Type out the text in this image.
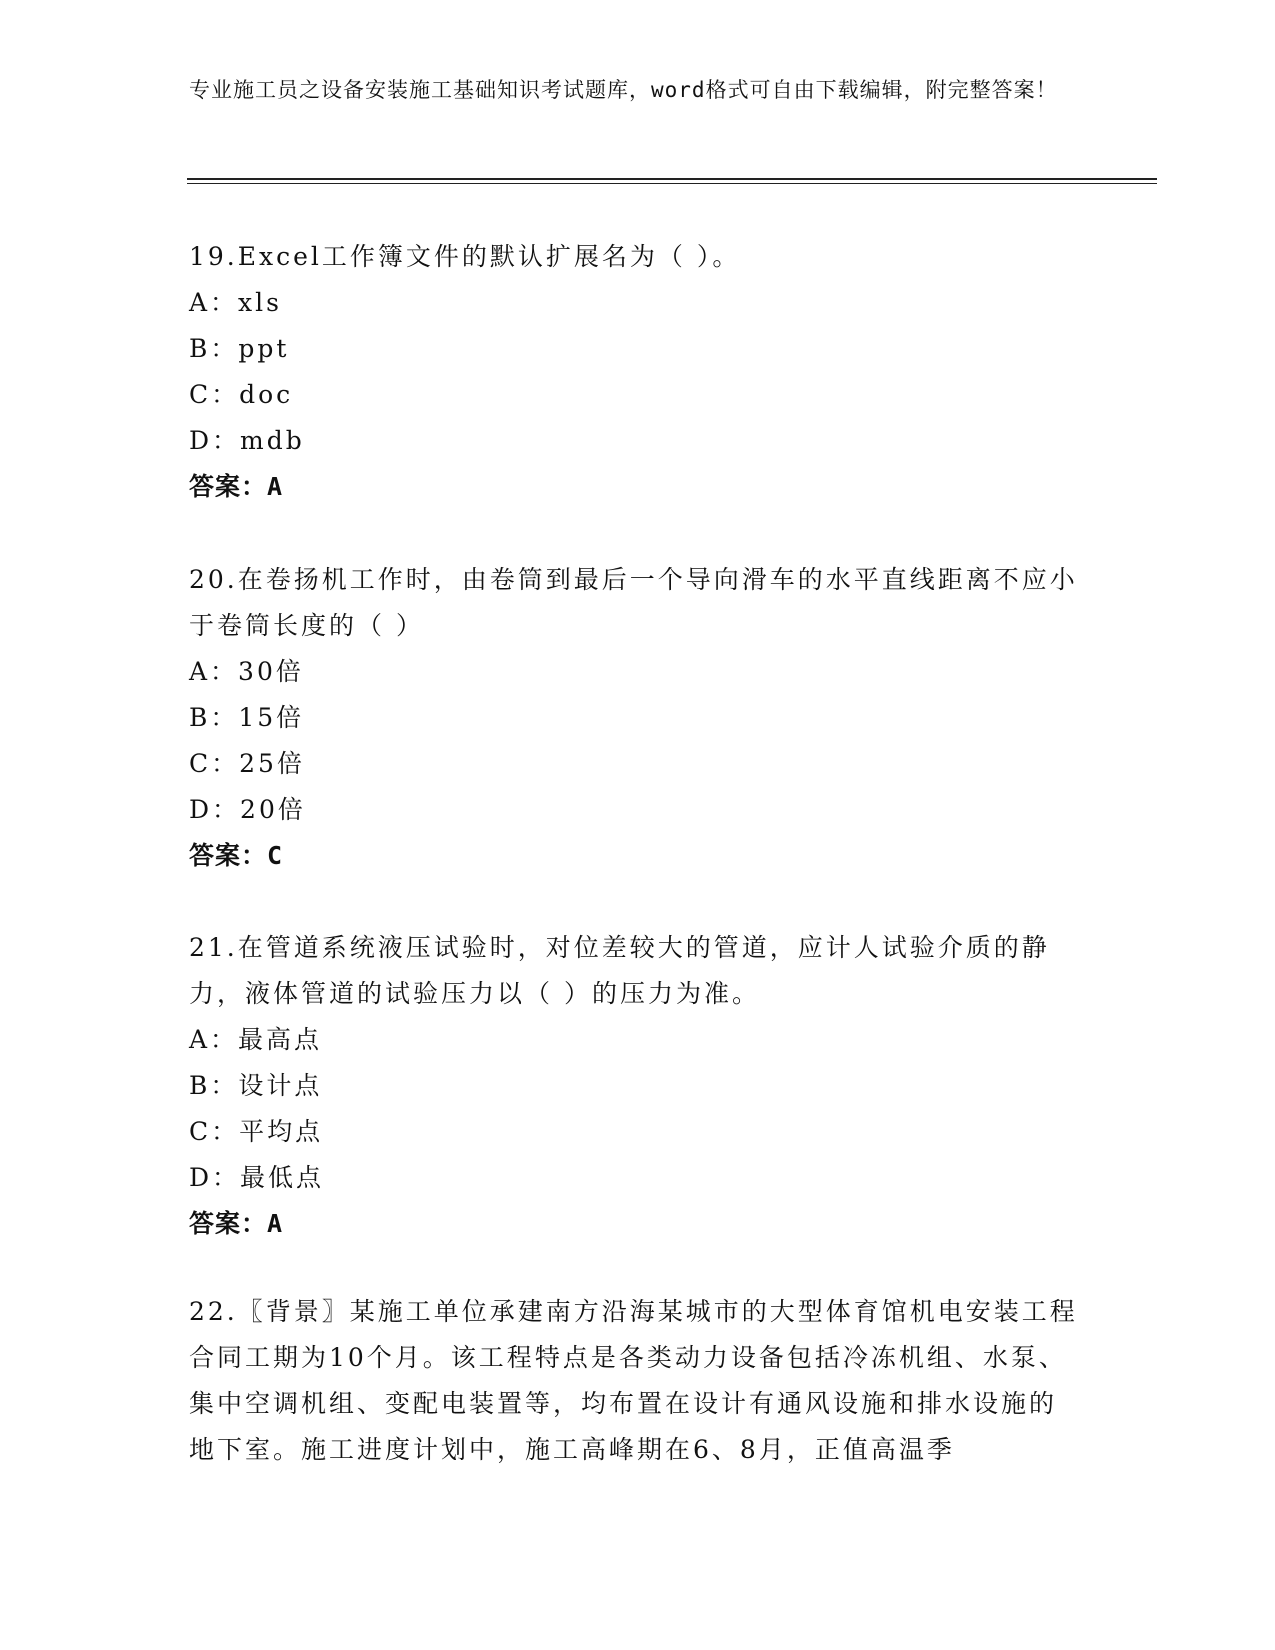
专业施工员之设备安装施工基础知识考试题库，word格式可自由下载编辑，附完整答案！
19.Excel工作簿文件的默认扩展名为（ ）。
A：xls
B：ppt
C：doc
D：mdb
答案：A
20.在卷扬机工作时，由卷筒到最后一个导向滑车的水平直线距离不应小于卷筒长度的（ ）
A：30倍
B：15倍
C：25倍
D：20倍
答案：C
21.在管道系统液压试验时，对位差较大的管道，应计人试验介质的静力，液体管道的试验压力以（ ）的压力为准。
A：最高点
B：设计点
C：平均点
D：最低点
答案：A
22.〖背景〗某施工单位承建南方沿海某城市的大型体育馆机电安装工程合同工期为10个月。该工程特点是各类动力设备包括冷冻机组、水泵、集中空调机组、变配电装置等，均布置在设计有通风设施和排水设施的地下室。施工进度计划中，施工高峰期在6、8月，正值高温季
